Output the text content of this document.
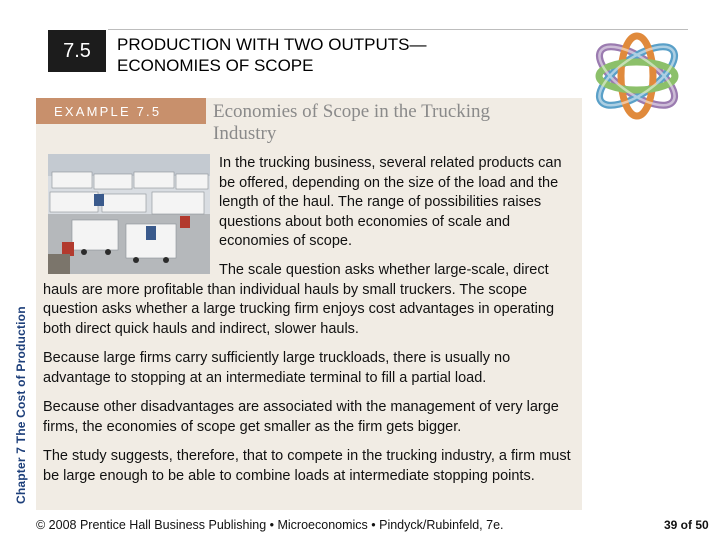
7.5 PRODUCTION WITH TWO OUTPUTS—
ECONOMIES OF SCOPE
Chapter 7 The Cost of Production
EXAMPLE 7.5	Economies of Scope in the Trucking Industry

In the trucking business, several related products can be offered, depending on the size of the load and the length of the haul. The range of possibilities raises questions about both economies of scale and economies of scope.

The scale question asks whether large-scale, direct hauls are more profitable than individual hauls by small truckers. The scope question asks whether a large trucking firm enjoys cost advantages in operating both direct quick hauls and indirect, slower hauls.

Because large firms carry sufficiently large truckloads, there is usually no advantage to stopping at an intermediate terminal to fill a partial load.

Because other disadvantages are associated with the management of very large firms, the economies of scope get smaller as the firm gets bigger.

The study suggests, therefore, that to compete in the trucking industry, a firm must be large enough to be able to combine loads at intermediate stopping points.

© 2008 Prentice Hall Business Publishing • Microeconomics • Pindyck/Rubinfeld, 7e.	39 of 50
